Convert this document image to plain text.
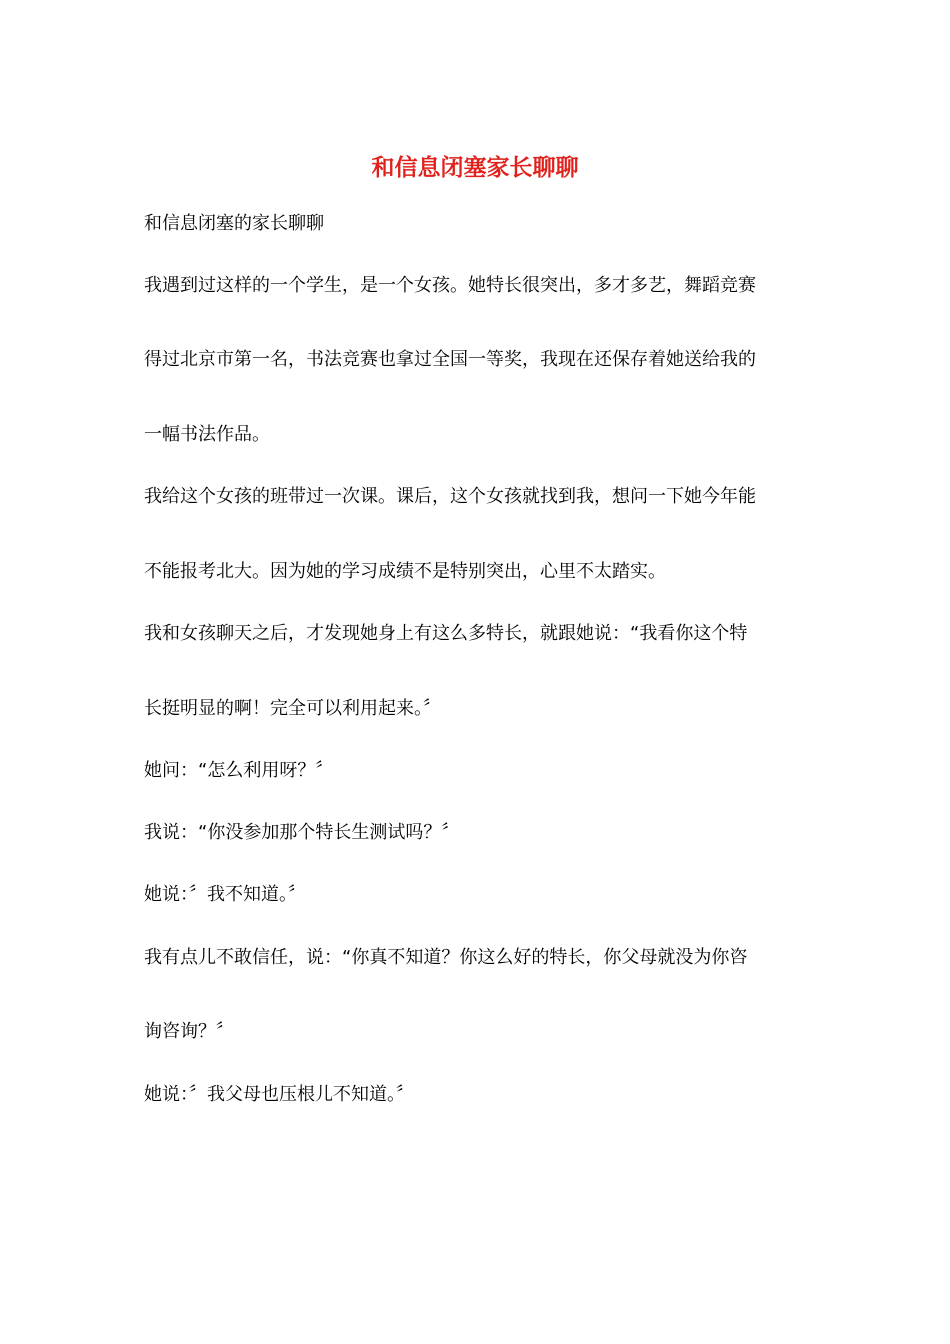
和信息闭塞家长聊聊

和信息闭塞的家长聊聊

我遇到过这样的一个学生，是一个女孩。她特长很突出，多才多艺，舞蹈竞赛

得过北京市第一名，书法竞赛也拿过全国一等奖，我现在还保存着她送给我的

一幅书法作品。

我给这个女孩的班带过一次课。课后，这个女孩就找到我，想问一下她今年能

不能报考北大。因为她的学习成绩不是特别突出，心里不太踏实。

我和女孩聊天之后，才发现她身上有这么多特长，就跟她说：“我看你这个特

长挺明显的啊！完全可以利用起来。〞

她问：“怎么利用呀？〞

我说：“你没参加那个特长生测试吗？〞

她说：〞我不知道。〞

我有点儿不敢信任，说：“你真不知道？你这么好的特长，你父母就没为你咨

询咨询？〞

她说：〞我父母也压根儿不知道。〞
